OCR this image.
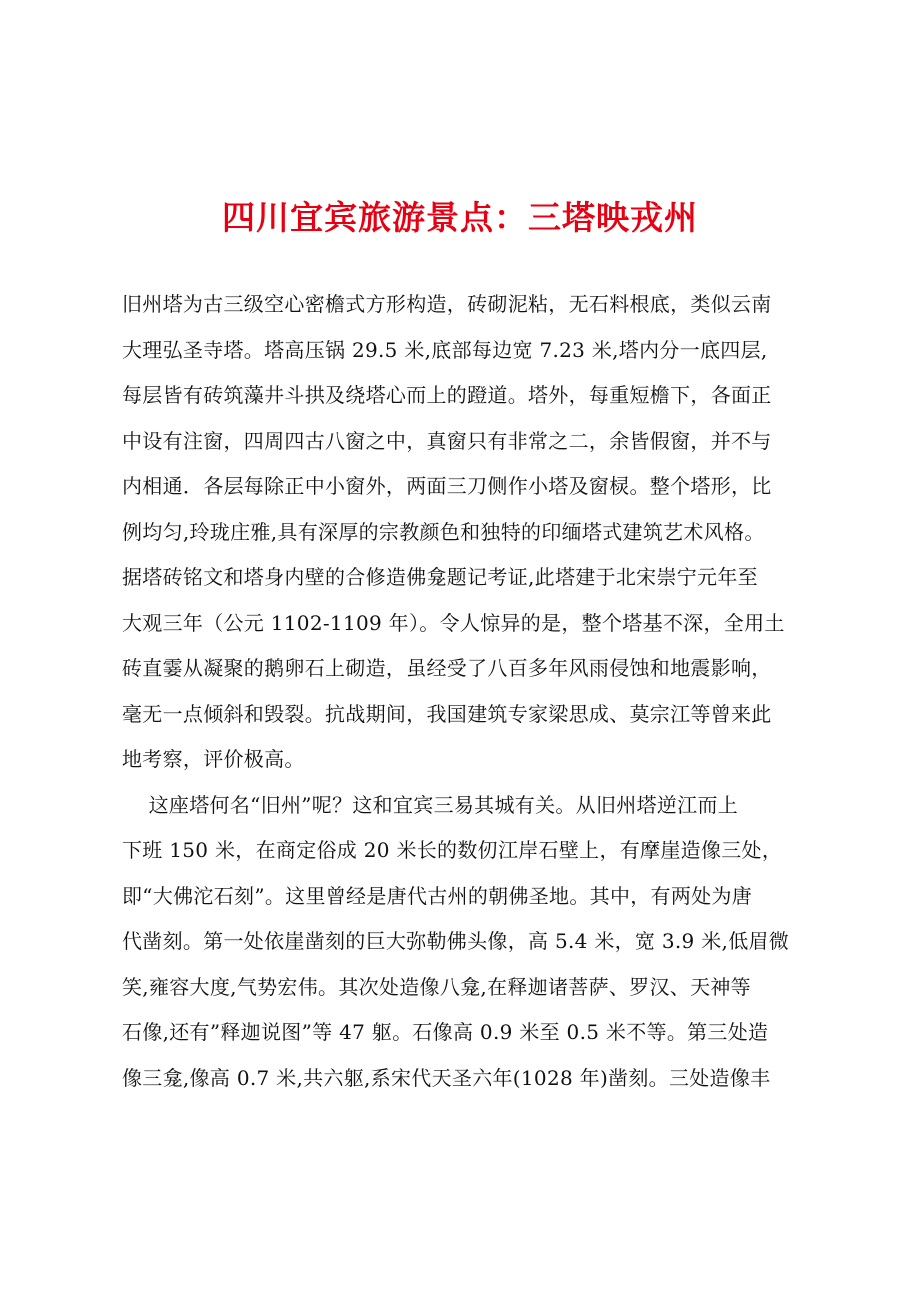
四川宜宾旅游景点：三塔映戎州
旧州塔为古三级空心密檐式方形构造，砖砌泥粘，无石料根底，类似云南
大理弘圣寺塔。塔高压锅 29.5 米,底部每边宽 7.23 米,塔内分一底四层,
每层皆有砖筑藻井斗拱及绕塔心而上的蹬道。塔外，每重短檐下，各面正
中设有注窗，四周四古八窗之中，真窗只有非常之二，余皆假窗，并不与
内相通．各层每除正中小窗外，两面三刀侧作小塔及窗棂。整个塔形，比
例均匀,玲珑庄雅,具有深厚的宗教颜色和独特的印缅塔式建筑艺术风格。
据塔砖铭文和塔身内壁的合修造佛龛题记考证,此塔建于北宋崇宁元年至
大观三年（公元 1102-1109 年）。令人惊异的是，整个塔基不深，全用土
砖直霎从凝聚的鹅卵石上砌造，虽经受了八百多年风雨侵蚀和地震影响，
毫无一点倾斜和毁裂。抗战期间，我国建筑专家梁思成、莫宗江等曾来此
地考察，评价极高。
这座塔何名“旧州”呢？这和宜宾三易其城有关。从旧州塔逆江而上
下班 150 米，在商定俗成 20 米长的数仞江岸石壁上，有摩崖造像三处，
即“大佛沱石刻”。这里曾经是唐代古州的朝佛圣地。其中，有两处为唐
代凿刻。第一处依崖凿刻的巨大弥勒佛头像，高 5.4 米，宽 3.9 米,低眉微
笑,雍容大度,气势宏伟。其次处造像八龛,在释迦诸菩萨、罗汉、天神等
石像,还有”释迦说图”等 47 躯。石像高 0.9 米至 0.5 米不等。第三处造
像三龛,像高 0.7 米,共六躯,系宋代天圣六年(1028 年)凿刻。三处造像丰
